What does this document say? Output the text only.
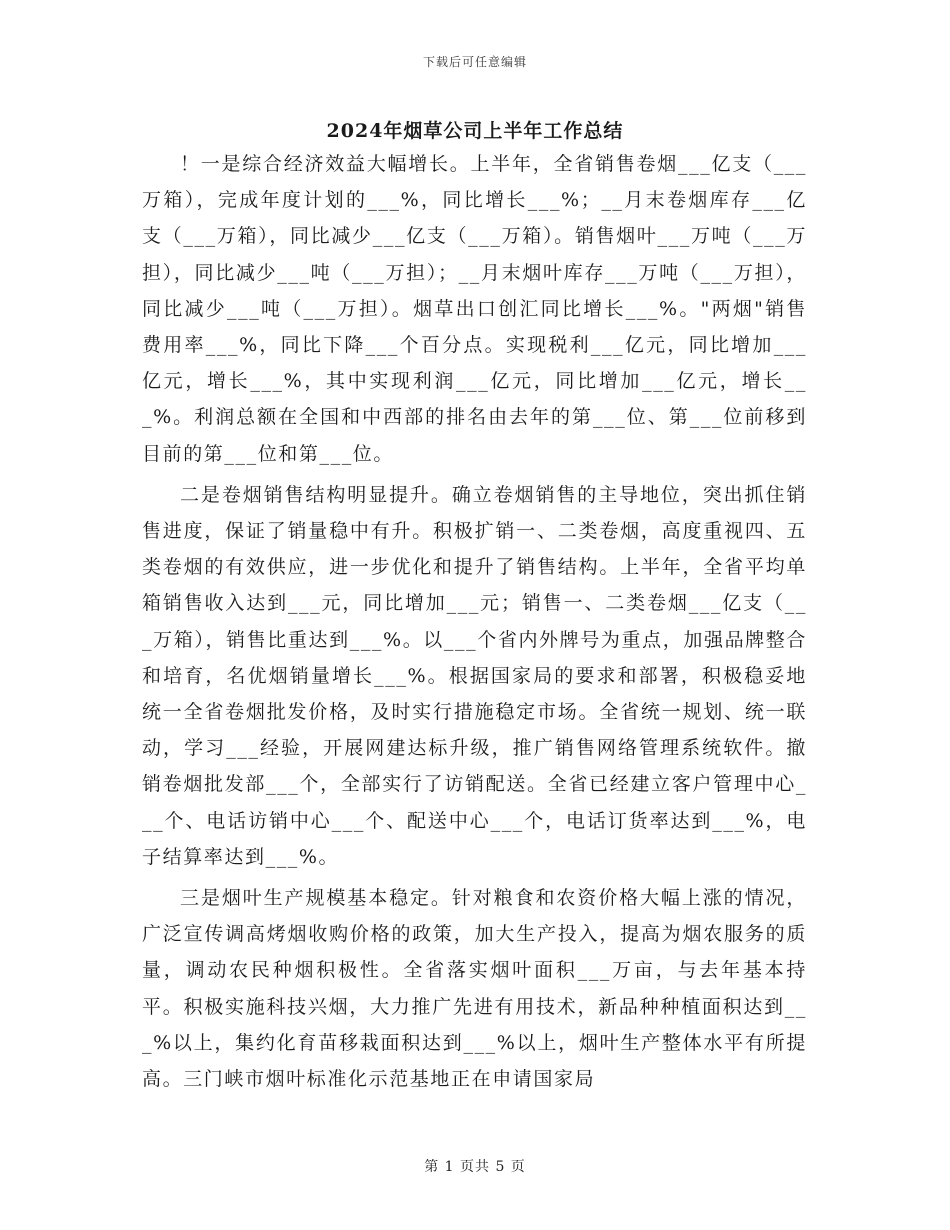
下载后可任意编辑
2024年烟草公司上半年工作总结

！一是综合经济效益大幅增长。上半年，全省销售卷烟___亿支（___万箱），完成年度计划的___%，同比增长___%；__月末卷烟库存___亿支（___万箱），同比减少___亿支（___万箱）。销售烟叶___万吨（___万担），同比减少___吨（___万担）；__月末烟叶库存___万吨（___万担），同比减少___吨（___万担）。烟草出口创汇同比增长___%。"两烟"销售费用率___%，同比下降___个百分点。实现税利___亿元，同比增加___亿元，增长___%，其中实现利润___亿元，同比增加___亿元，增长___%。利润总额在全国和中西部的排名由去年的第___位、第___位前移到目前的第___位和第___位。

二是卷烟销售结构明显提升。确立卷烟销售的主导地位，突出抓住销售进度，保证了销量稳中有升。积极扩销一、二类卷烟，高度重视四、五类卷烟的有效供应，进一步优化和提升了销售结构。上半年，全省平均单箱销售收入达到___元，同比增加___元；销售一、二类卷烟___亿支（___万箱），销售比重达到___%。以___个省内外牌号为重点，加强品牌整合和培育，名优烟销量增长___%。根据国家局的要求和部署，积极稳妥地统一全省卷烟批发价格，及时实行措施稳定市场。全省统一规划、统一联动，学习___经验，开展网建达标升级，推广销售网络管理系统软件。撤销卷烟批发部___个，全部实行了访销配送。全省已经建立客户管理中心___个、电话访销中心___个、配送中心___个，电话订货率达到___%，电子结算率达到___%。

三是烟叶生产规模基本稳定。针对粮食和农资价格大幅上涨的情况，广泛宣传调高烤烟收购价格的政策，加大生产投入，提高为烟农服务的质量，调动农民种烟积极性。全省落实烟叶面积___万亩，与去年基本持平。积极实施科技兴烟，大力推广先进有用技术，新品种种植面积达到___%以上，集约化育苗移栽面积达到___%以上，烟叶生产整体水平有所提高。三门峡市烟叶标准化示范基地正在申请国家局

第 1 页共 5 页
